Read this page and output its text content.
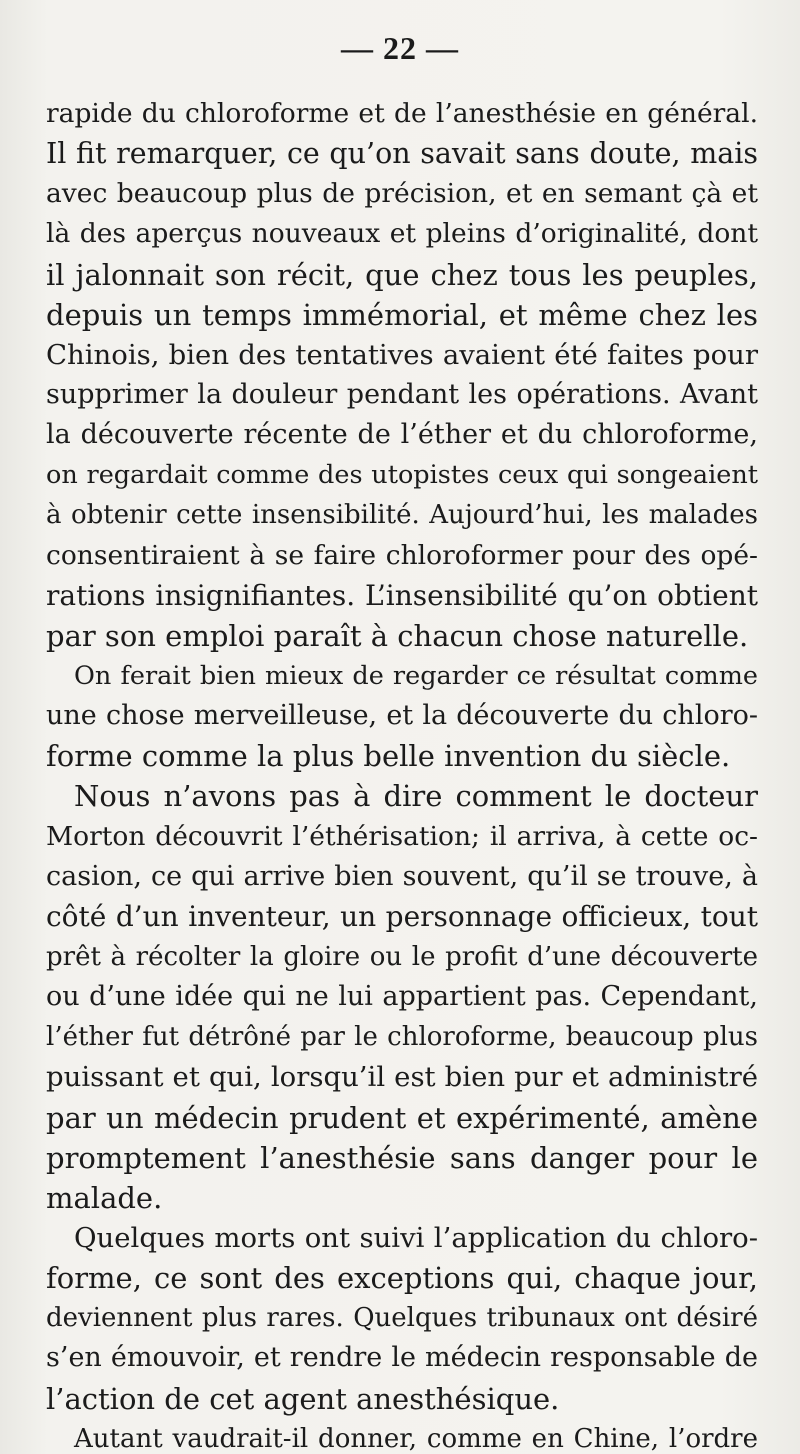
— 22 —
rapide du chloroforme et de l’anesthésie en général.
Il fit remarquer, ce qu’on savait sans doute, mais
avec beaucoup plus de précision, et en semant çà et
là des aperçus nouveaux et pleins d’originalité, dont
il jalonnait son récit, que chez tous les peuples,
depuis un temps immémorial, et même chez les
Chinois, bien des tentatives avaient été faites pour
supprimer la douleur pendant les opérations. Avant
la découverte récente de l’éther et du chloroforme,
on regardait comme des utopistes ceux qui songeaient
à obtenir cette insensibilité. Aujourd’hui, les malades
consentiraient à se faire chloroformer pour des opé-
rations insignifiantes. L’insensibilité qu’on obtient
par son emploi paraît à chacun chose naturelle.
On ferait bien mieux de regarder ce résultat comme
une chose merveilleuse, et la découverte du chloro-
forme comme la plus belle invention du siècle.
Nous n’avons pas à dire comment le docteur
Morton découvrit l’éthérisation; il arriva, à cette oc-
casion, ce qui arrive bien souvent, qu’il se trouve, à
côté d’un inventeur, un personnage officieux, tout
prêt à récolter la gloire ou le profit d’une découverte
ou d’une idée qui ne lui appartient pas. Cependant,
l’éther fut détrôné par le chloroforme, beaucoup plus
puissant et qui, lorsqu’il est bien pur et administré
par un médecin prudent et expérimenté, amène
promptement l’anesthésie sans danger pour le
malade.
Quelques morts ont suivi l’application du chloro-
forme, ce sont des exceptions qui, chaque jour,
deviennent plus rares. Quelques tribunaux ont désiré
s’en émouvoir, et rendre le médecin responsable de
l’action de cet agent anesthésique.
Autant vaudrait-il donner, comme en Chine, l’ordre
